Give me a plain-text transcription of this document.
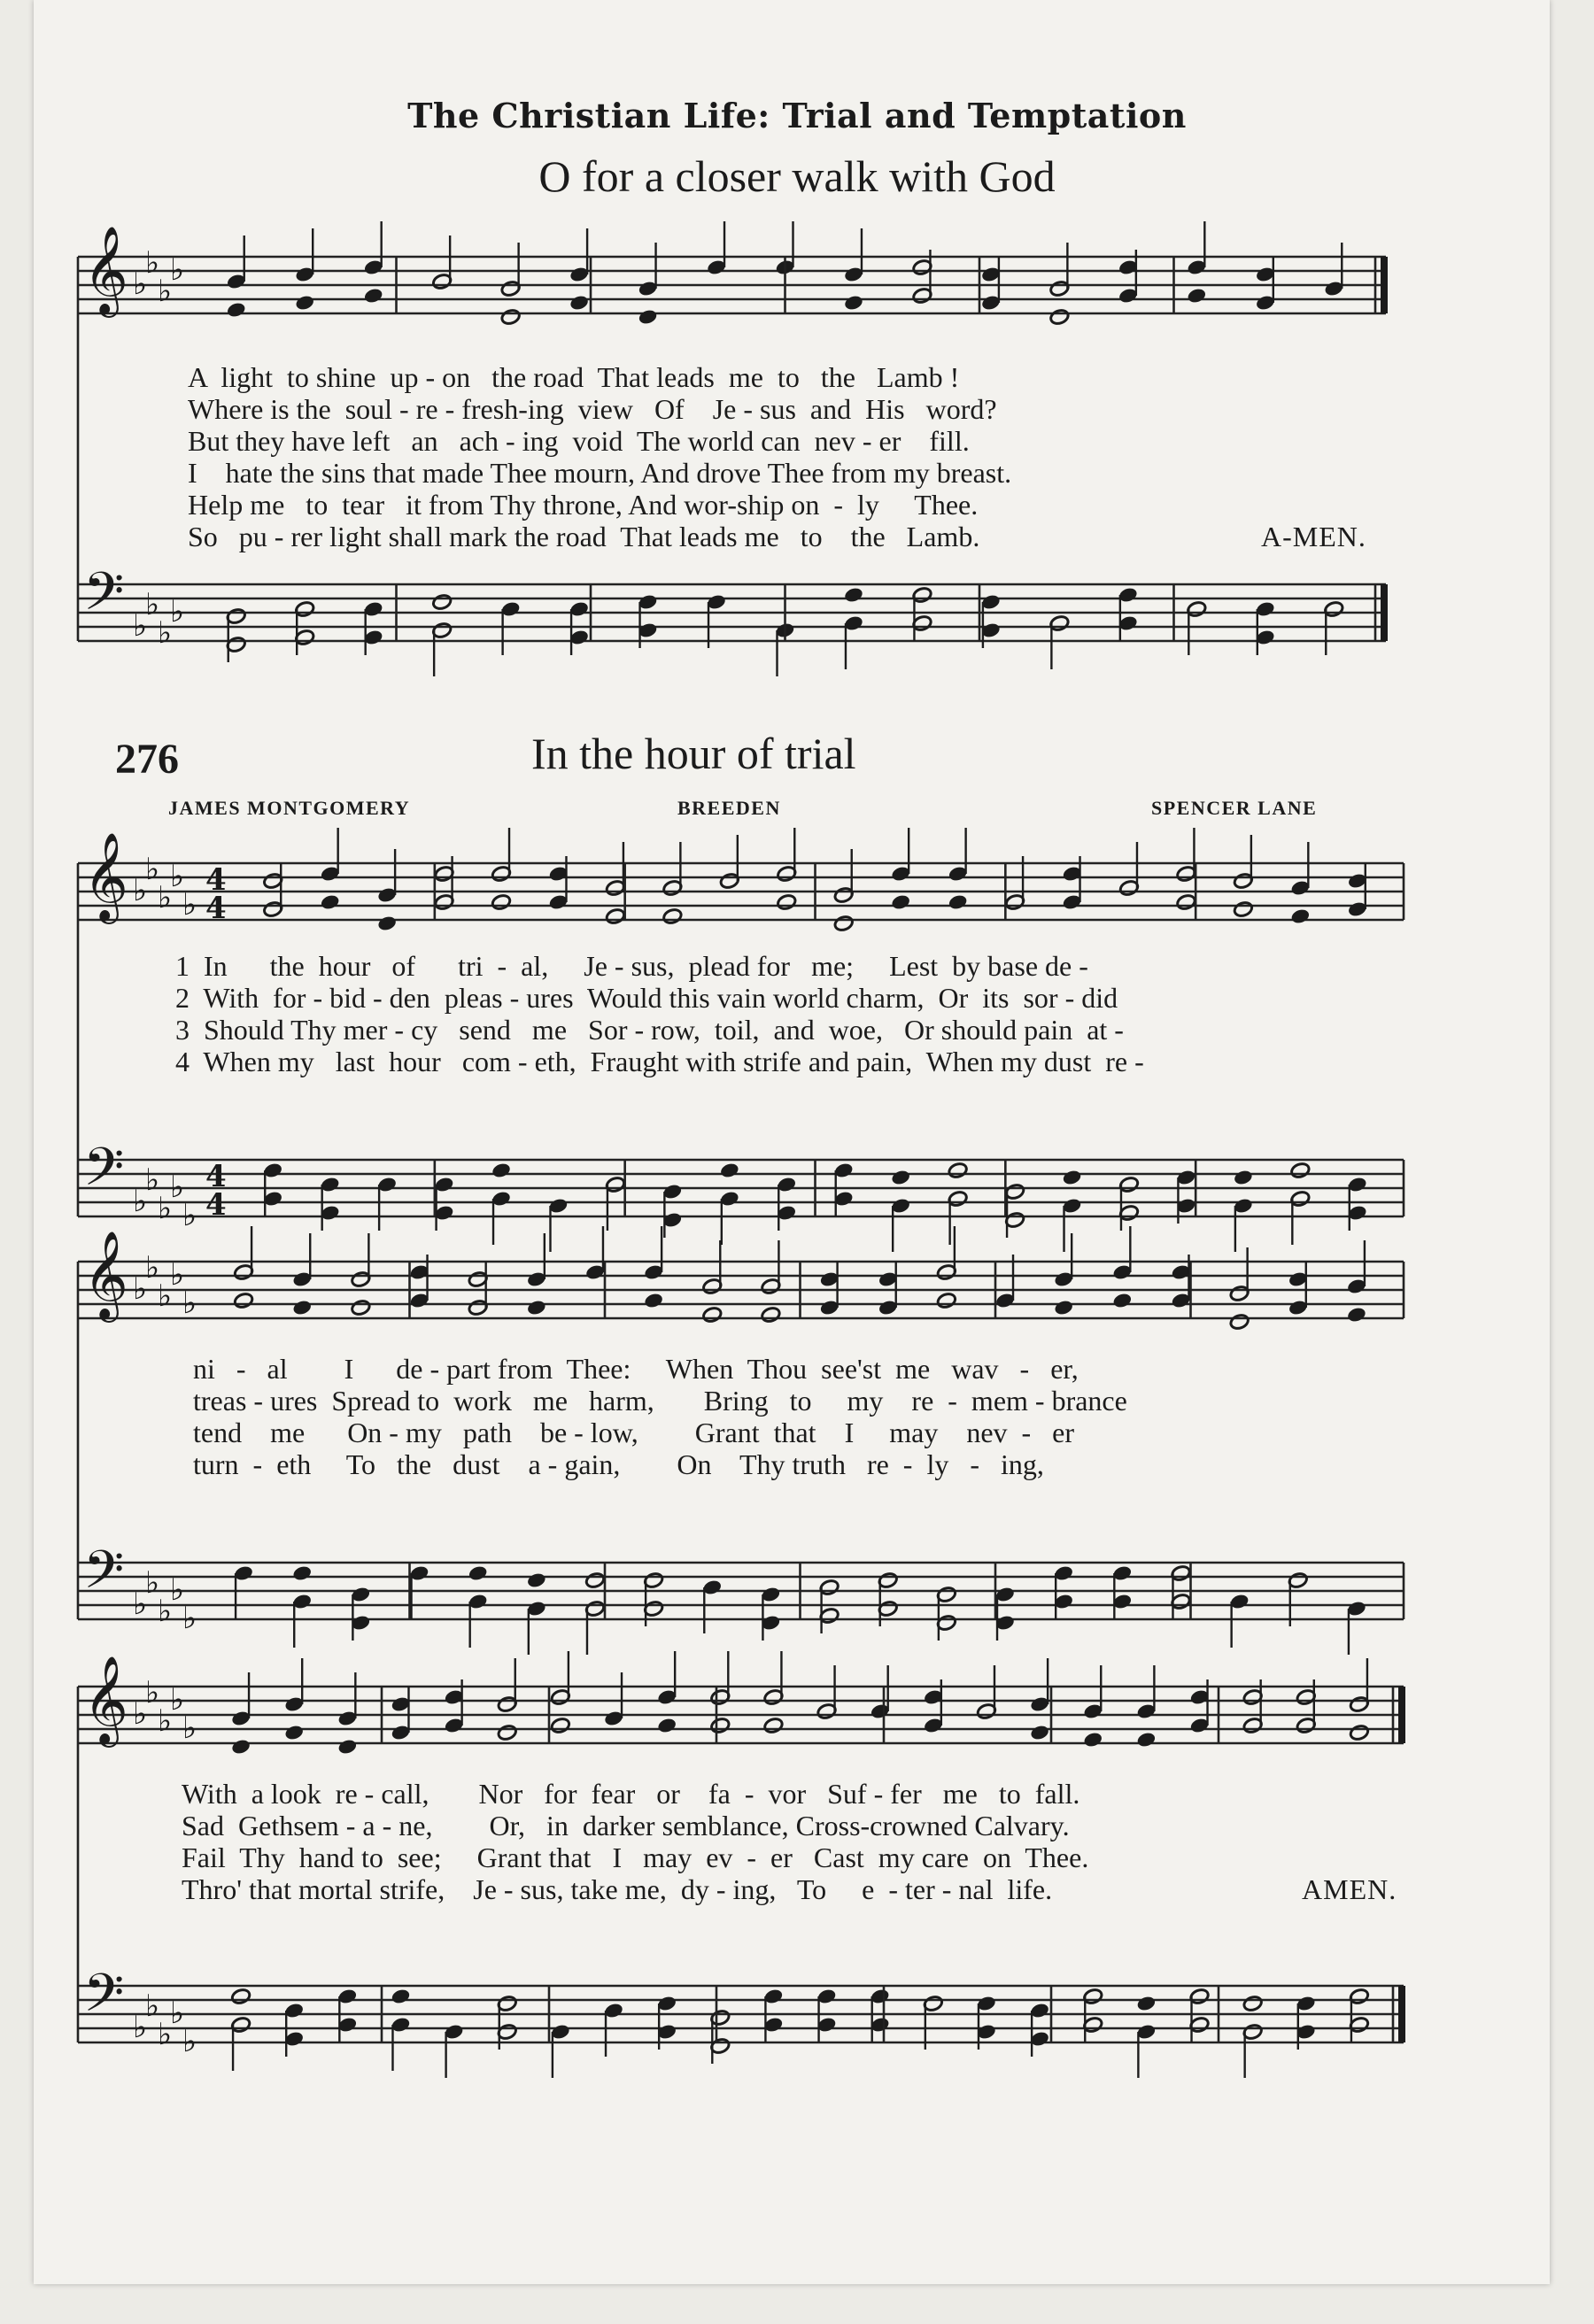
𝄞
𝄢
♭
♭
♭
♭
♭
♭
♭
♭
𝄞
𝄢
♭
♭
♭
♭
♭
♭
♭
♭
♭
♭
4
4
4
4
𝄞
𝄢
♭
♭
♭
♭
♭
♭
♭
♭
♭
♭
𝄞
𝄢
♭
♭
♭
♭
♭
♭
♭
♭
♭
♭
The Christian Life: Trial and Temptation
O for a closer walk with God
A  light  to shine  up - on   the road  That leads  me  to   the   Lamb !
Where is the  soul - re - fresh-ing  view   Of    Je - sus  and  His   word?
But they have left   an   ach - ing  void  The world can  nev - er    fill.
I    hate the sins that made Thee mourn, And drove Thee from my breast.
Help me   to  tear   it from Thy throne, And wor-ship on  -  ly     Thee.
So   pu - rer light shall mark the road  That leads me   to    the   Lamb.	A-MEN.
276	In the hour of trial
JAMES MONTGOMERY	BREEDEN	SPENCER LANE
1  In      the  hour   of      tri  -  al,     Je - sus,  plead for   me;     Lest  by base de -
2  With  for - bid - den  pleas - ures  Would this vain world charm,  Or  its  sor - did
3  Should Thy mer - cy   send   me   Sor - row,  toil,  and  woe,   Or should pain  at -
4  When my   last  hour   com - eth,  Fraught with strife and pain,  When my dust  re -
ni   -   al        I      de - part from  Thee:     When  Thou  see'st  me   wav   -   er,
treas - ures  Spread to  work   me   harm,       Bring   to     my    re  -  mem - brance
tend    me      On - my   path    be - low,        Grant  that    I     may    nev  -   er
turn  -  eth     To   the   dust    a - gain,        On    Thy truth   re  -  ly   -   ing,
With  a look  re - call,       Nor   for  fear   or    fa  -  vor   Suf - fer   me   to  fall.
Sad  Gethsem - a - ne,        Or,   in  darker semblance, Cross-crowned Calvary.
Fail  Thy  hand to  see;     Grant that   I   may  ev  -  er   Cast  my care  on  Thee.
Thro' that mortal strife,    Je - sus, take me,  dy - ing,   To     e  - ter - nal  life.	AMEN.
